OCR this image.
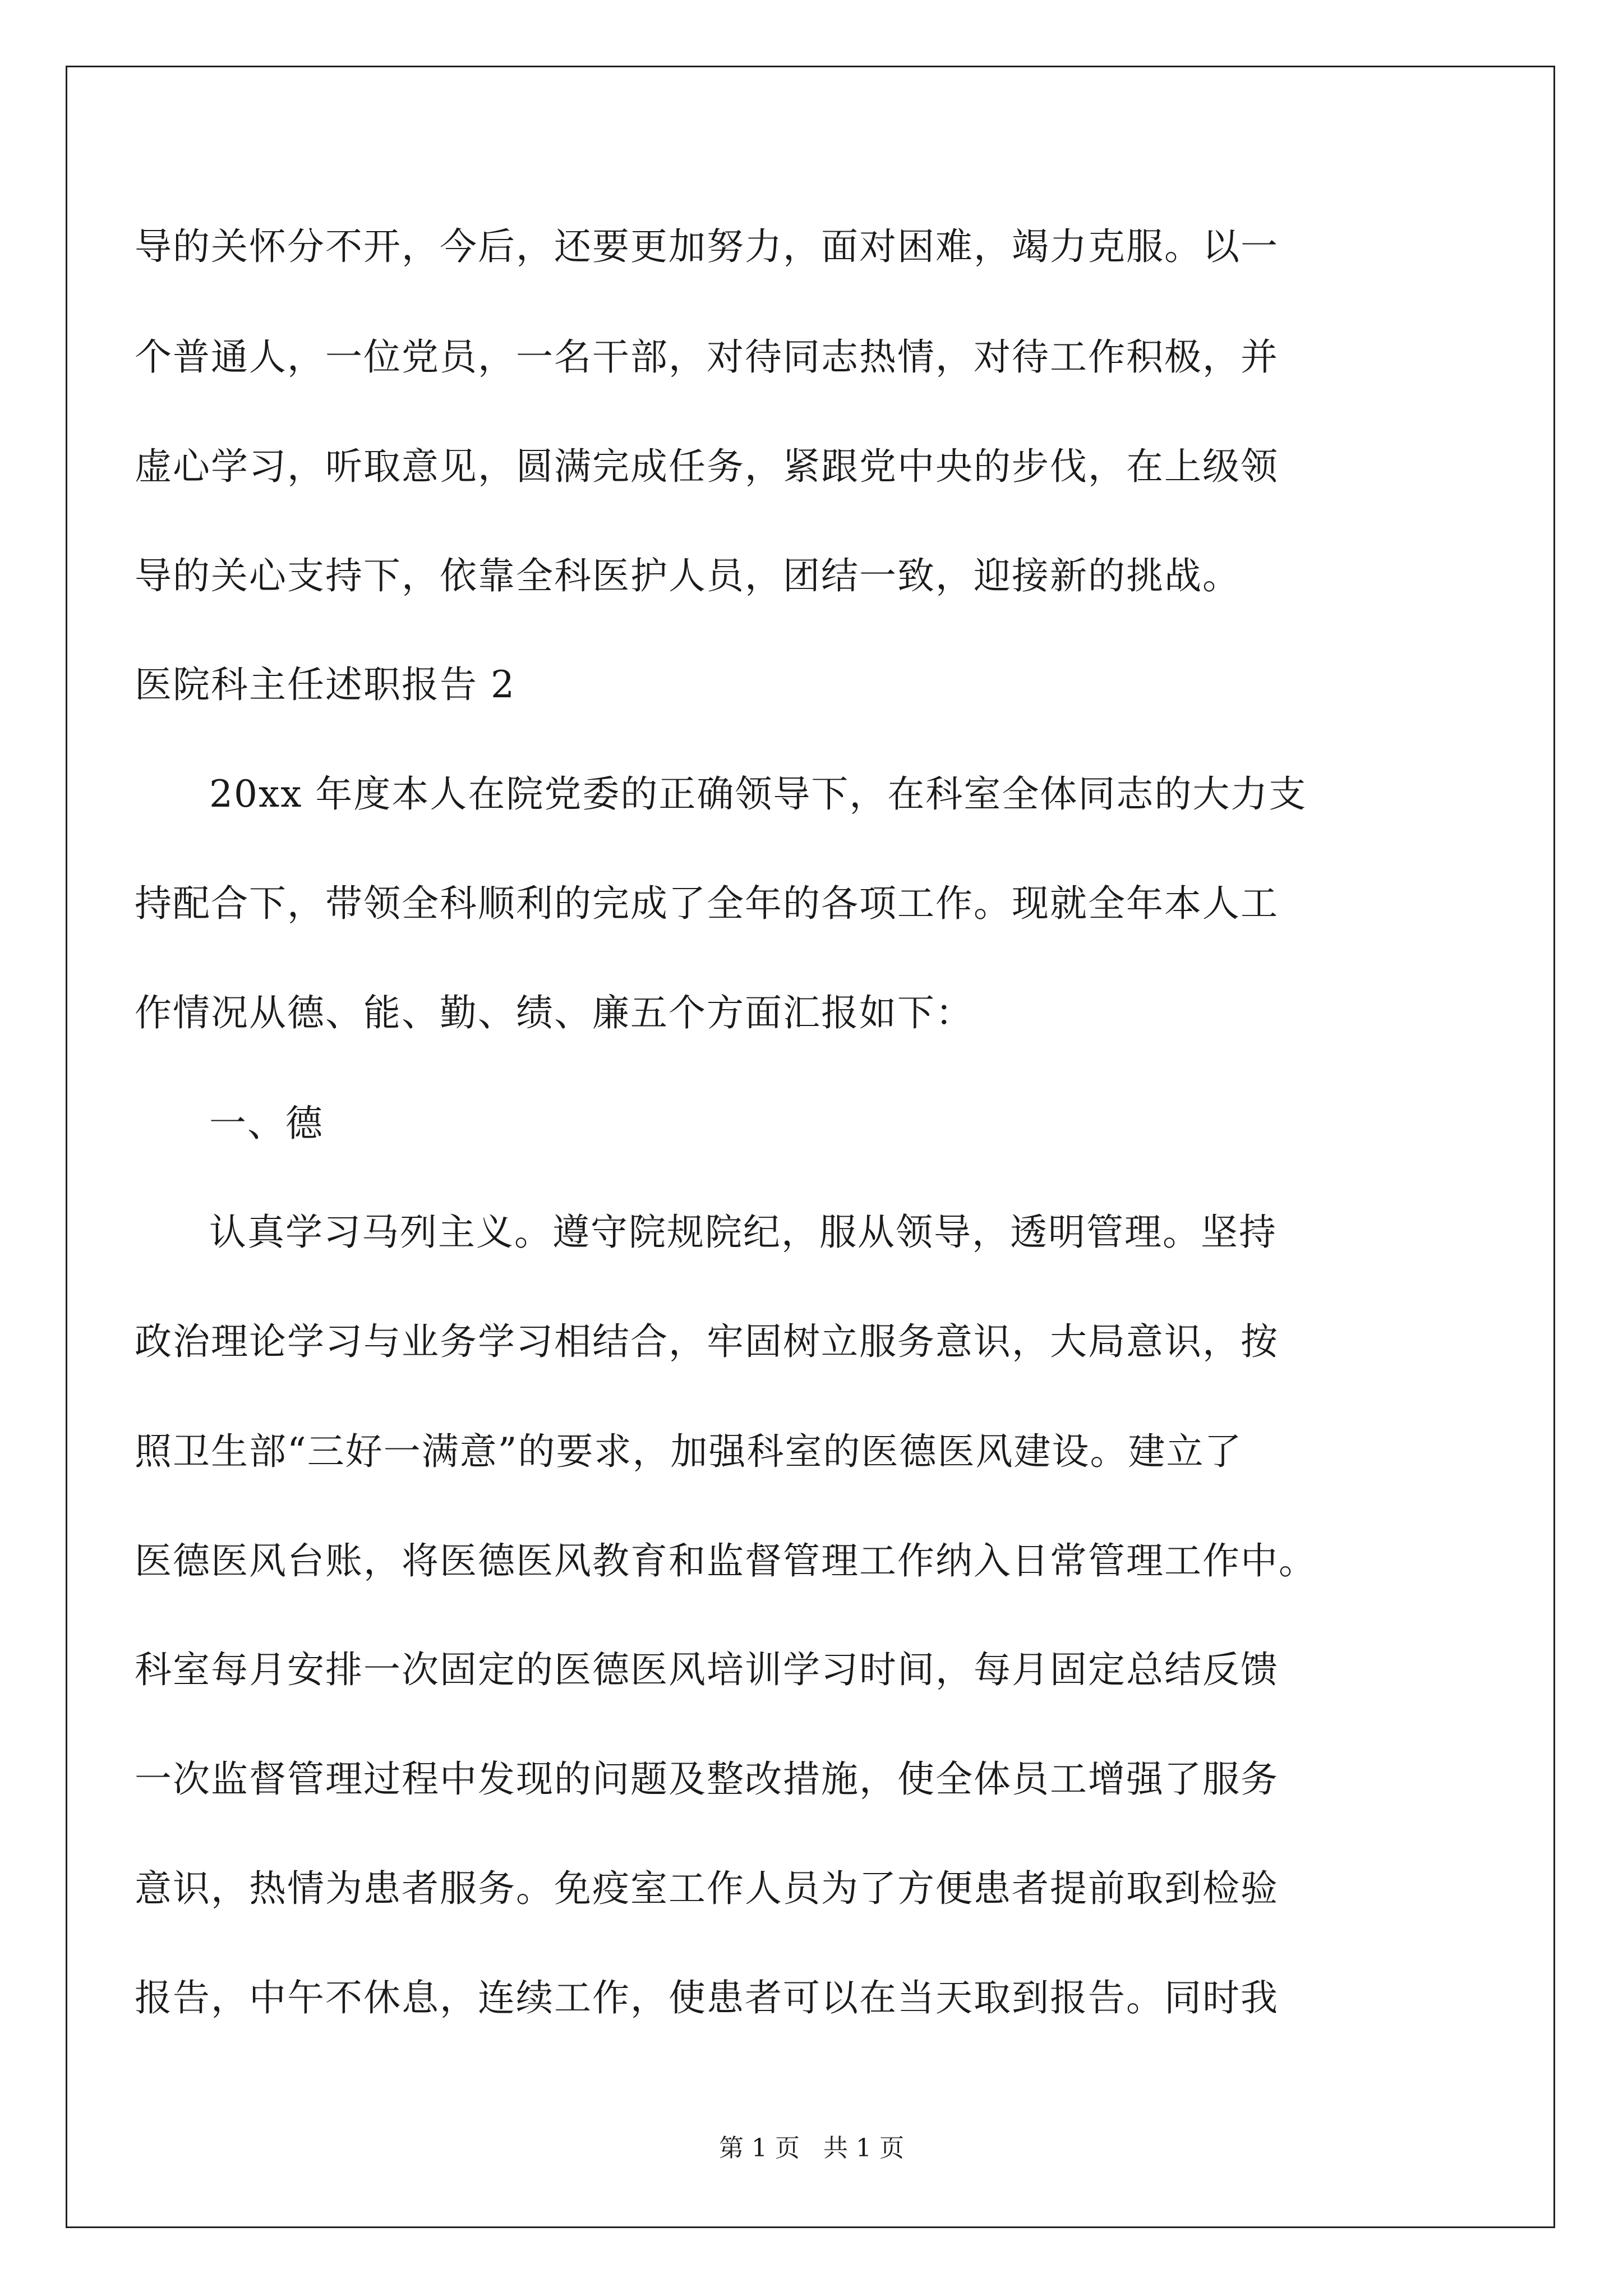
导的关怀分不开，今后，还要更加努力，面对困难，竭力克服。以一
个普通人，一位党员，一名干部，对待同志热情，对待工作积极，并
虚心学习，听取意见，圆满完成任务，紧跟党中央的步伐，在上级领
导的关心支持下，依靠全科医护人员，团结一致，迎接新的挑战。
医院科主任述职报告 2
20xx 年度本人在院党委的正确领导下，在科室全体同志的大力支
持配合下，带领全科顺利的完成了全年的各项工作。现就全年本人工
作情况从德、能、勤、绩、廉五个方面汇报如下：
一、德
认真学习马列主义。遵守院规院纪，服从领导，透明管理。坚持
政治理论学习与业务学习相结合，牢固树立服务意识，大局意识，按
照卫生部“三好一满意”的要求，加强科室的医德医风建设。建立了
医德医风台账，将医德医风教育和监督管理工作纳入日常管理工作中。
科室每月安排一次固定的医德医风培训学习时间，每月固定总结反馈
一次监督管理过程中发现的问题及整改措施，使全体员工增强了服务
意识，热情为患者服务。免疫室工作人员为了方便患者提前取到检验
报告，中午不休息，连续工作，使患者可以在当天取到报告。同时我
第 1 页   共 1 页
